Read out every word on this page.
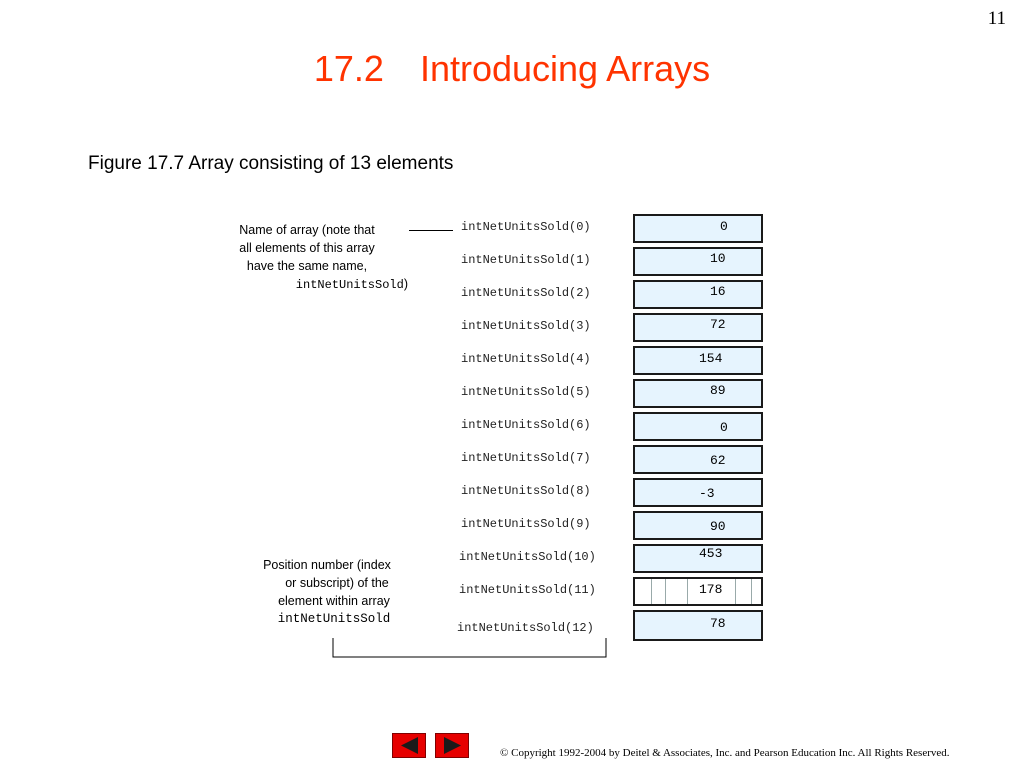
11
17.2 Introducing Arrays
Figure 17.7 Array consisting of 13 elements
Name of array (note that
all elements of this array
have the same name,
intNetUnitsSold)
intNetUnitsSold(0)
intNetUnitsSold(1)
intNetUnitsSold(2)
intNetUnitsSold(3)
intNetUnitsSold(4)
intNetUnitsSold(5)
intNetUnitsSold(6)
intNetUnitsSold(7)
intNetUnitsSold(8)
intNetUnitsSold(9)
intNetUnitsSold(10)
intNetUnitsSold(11)
intNetUnitsSold(12)
0
10
16
72
154
89
0
62
-3
90
453
178
78
Position number (index
or subscript) of the
element within array
intNetUnitsSold
© Copyright 1992-2004 by Deitel & Associates, Inc. and Pearson Education Inc. All Rights Reserved.
